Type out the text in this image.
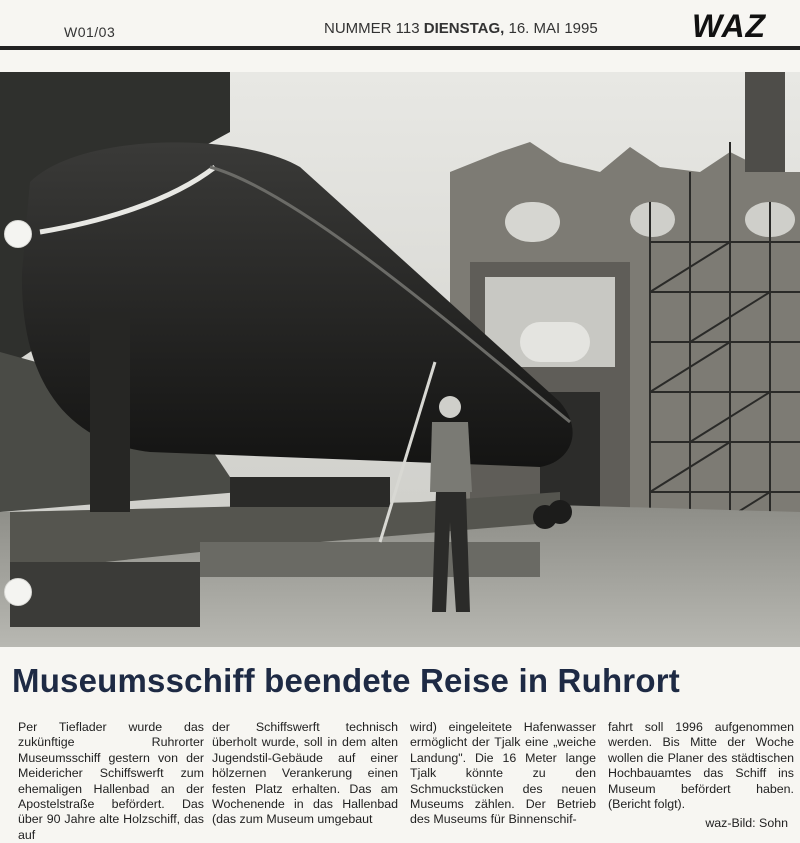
W01/03	NUMMER 113 DIENSTAG, 16. MAI 1995	WAZ
Museumsschiff beendete Reise in Ruhrort

Per Tieflader wurde das zukünftige Ruhrorter Museumsschiff gestern von der Meidericher Schiffswerft zum ehemaligen Hallenbad an der Apostelstraße befördert. Das über 90 Jahre alte Holzschiff, das auf

der Schiffswerft technisch überholt wurde, soll in dem alten Jugendstil-Gebäude auf einer hölzernen Verankerung einen festen Platz erhalten. Das am Wochenende in das Hallenbad (das zum Museum umgebaut

wird) eingeleitete Hafenwasser ermöglicht der Tjalk eine „weiche Landung". Die 16 Meter lange Tjalk könnte zu den Schmuckstücken des neuen Museums zählen. Der Betrieb des Museums für Binnenschif-

fahrt soll 1996 aufgenommen werden. Bis Mitte der Woche wollen die Planer des städtischen Hochbauamtes das Schiff ins Museum befördert haben. (Bericht folgt).

waz-Bild: Sohn
